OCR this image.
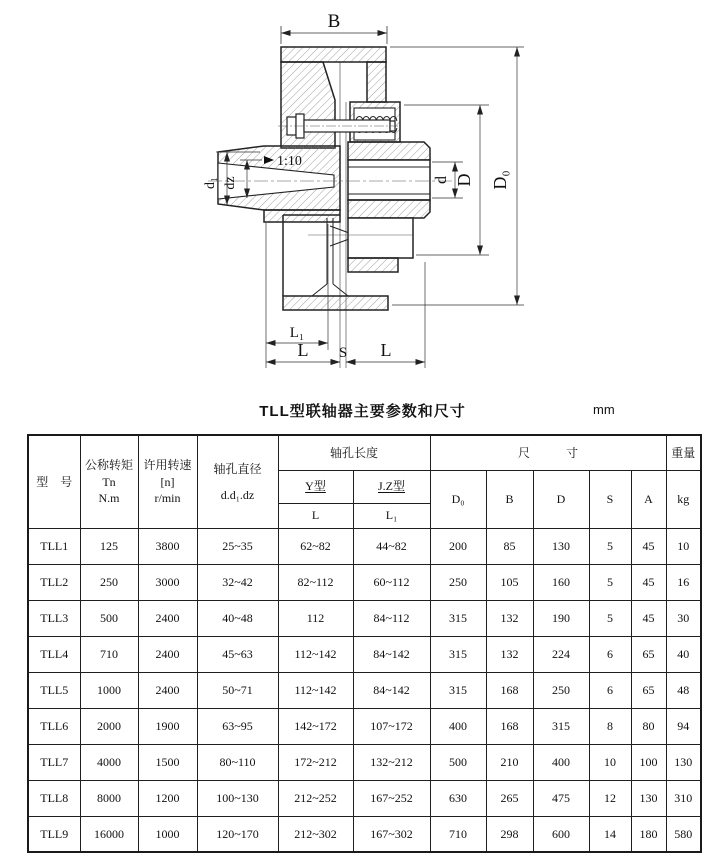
1:10
B
d D D₀
d₁ dz
L₁
L S L
TLL型联轴器主要参数和尺寸	mm
型　号	公称转矩
Tn
N.m	许用转速
[n]
r/min	轴孔直径
d.d₁.dz	轴孔长度		尺　　　寸					重量
				Y型	J.Z型	D₀	B	D	S	A	kg
				L	L₁						
TLL1	125	3800	25~35	62~82	44~82	200	85	130	5	45	10
TLL2	250	3000	32~42	82~112	60~112	250	105	160	5	45	16
TLL3	500	2400	40~48	112	84~112	315	132	190	5	45	30
TLL4	710	2400	45~63	112~142	84~142	315	132	224	6	65	40
TLL5	1000	2400	50~71	112~142	84~142	315	168	250	6	65	48
TLL6	2000	1900	63~95	142~172	107~172	400	168	315	8	80	94
TLL7	4000	1500	80~110	172~212	132~212	500	210	400	10	100	130
TLL8	8000	1200	100~130	212~252	167~252	630	265	475	12	130	310
TLL9	16000	1000	120~170	212~302	167~302	710	298	600	14	180	580
